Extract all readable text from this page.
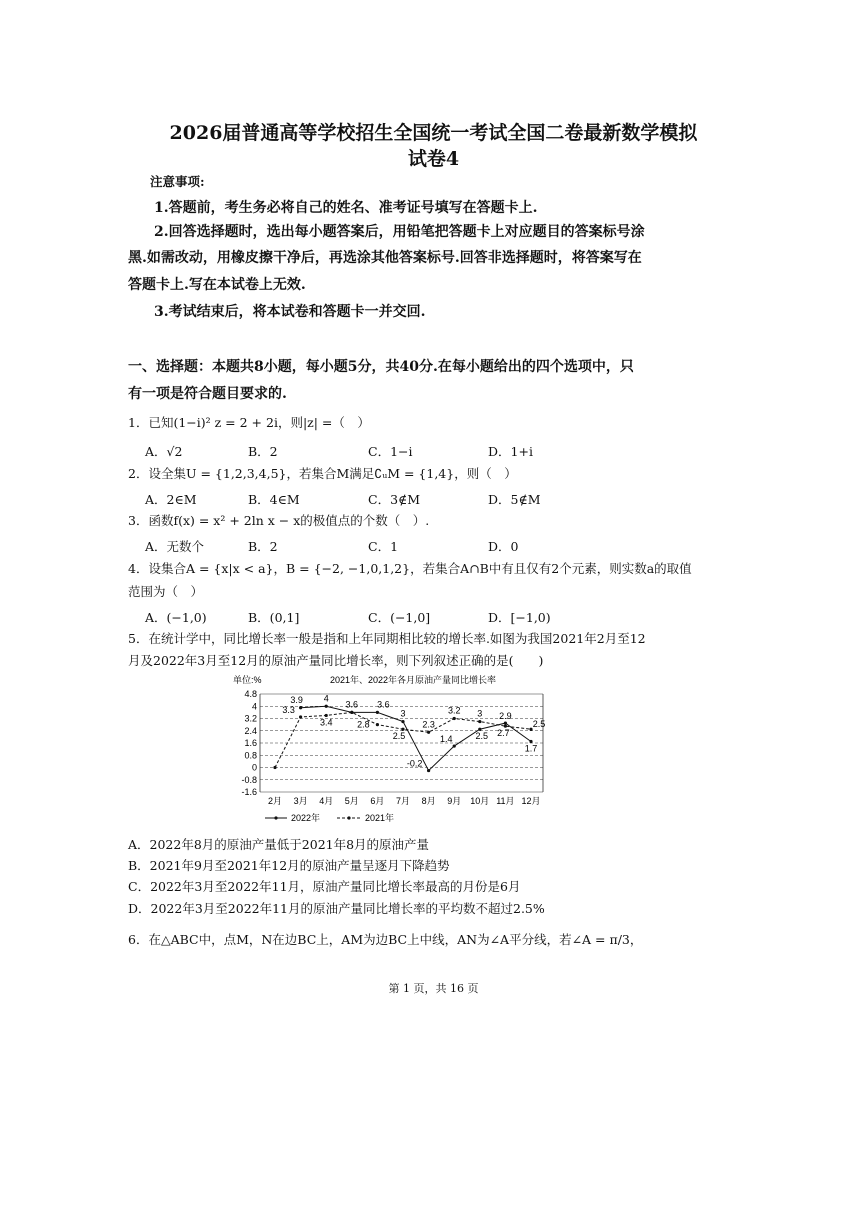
2026届普通高等学校招生全国统一考试全国二卷最新数学模拟
试卷4
注意事项:
1.答题前，考生务必将自己的姓名、准考证号填写在答题卡上.
2.回答选择题时，选出每小题答案后，用铅笔把答题卡上对应题目的答案标号涂
黑.如需改动，用橡皮擦干净后，再选涂其他答案标号.回答非选择题时，将答案写在
答题卡上.写在本试卷上无效.
3.考试结束后，将本试卷和答题卡一并交回.
一、选择题：本题共8小题，每小题5分，共40分.在每小题给出的四个选项中，只
有一项是符合题目要求的.
1．已知(1−i)² z = 2 + 2i，则|z| =（　）
A．√2	B．2	C．1−i	D．1+i
2．设全集U = {1,2,3,4,5}，若集合M满足∁ᵤM = {1,4}，则（　）
A．2∈M	B．4∈M	C．3∉M	D．5∉M
3．函数f(x) = x² + 2ln x − x的极值点的个数（　）.
A．无数个	B．2	C．1	D．0
4．设集合A = {x|x < a}，B = {−2, −1,0,1,2}，若集合A∩B中有且仅有2个元素，则实数a的取值
范围为（　）
A．(−1,0)	B．(0,1]	C．(−1,0]	D．[−1,0)
5．在统计学中，同比增长率一般是指和上年同期相比较的增长率.如图为我国2021年2月至12
月及2022年3月至12月的原油产量同比增长率，则下列叙述正确的是(　　)
单位:%	2021年、2022年各月原油产量同比增长率
4.8
4
3.2
2.4
1.6
0.8
0
-0.8
-1.6
2月 3月 4月 5月 6月 7月 8月 9月 10月 11月 12月
3.9 4
3.6 3.6
3
-0.2
1.4	2.5
2.9
1.7
3.3
3.4	2.8
2.5
2.3
3.2 3
2.7
2.5
2022年	2021年
A．2022年8月的原油产量低于2021年8月的原油产量
B．2021年9月至2021年12月的原油产量呈逐月下降趋势
C．2022年3月至2022年11月，原油产量同比增长率最高的月份是6月
D．2022年3月至2022年11月的原油产量同比增长率的平均数不超过2.5%
6．在△ABC中，点M，N在边BC上，AM为边BC上中线，AN为∠A平分线，若∠A = π/3，
第 1 页，共 16 页
